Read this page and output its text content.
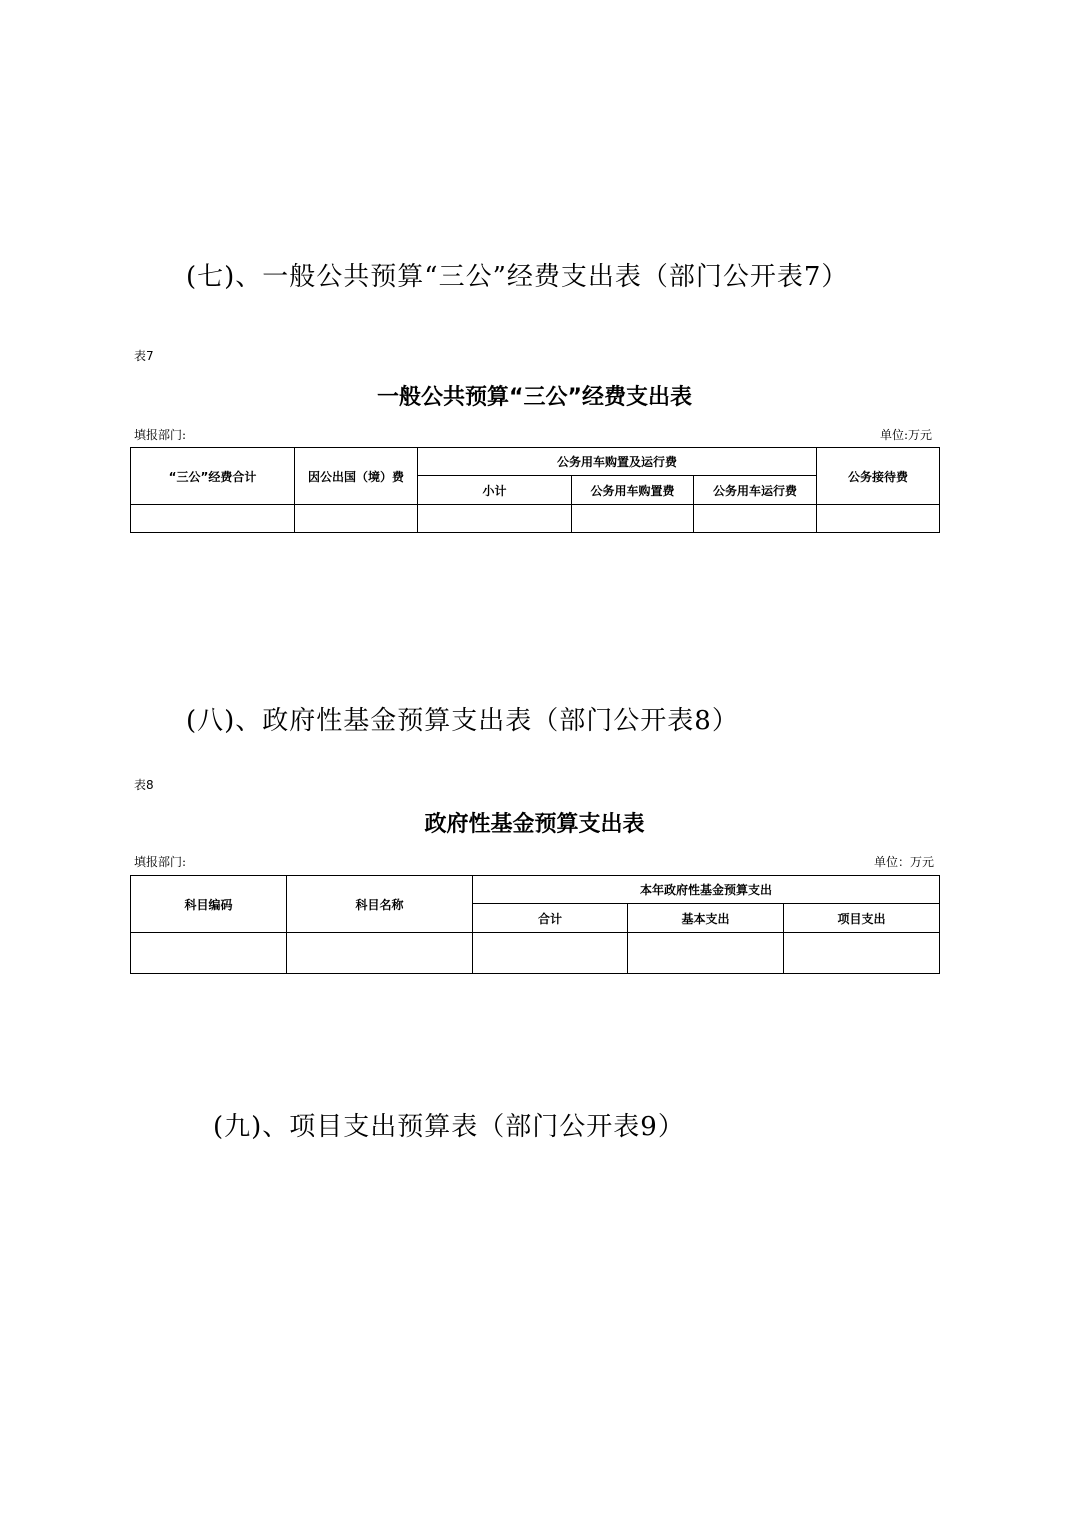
(七)、一般公共预算“三公”经费支出表（部门公开表7）
表7
一般公共预算“三公”经费支出表
填报部门:	单位:万元
“三公”经费合计	因公出国（境）费	公务用车购置及运行费			公务接待费
		小计	公务用车购置费	公务用车运行费	

(八)、政府性基金预算支出表（部门公开表8）
表8
政府性基金预算支出表
填报部门:	单位：万元
科目编码	科目名称	本年政府性基金预算支出		
		合计	基本支出	项目支出

(九)、项目支出预算表（部门公开表9）
